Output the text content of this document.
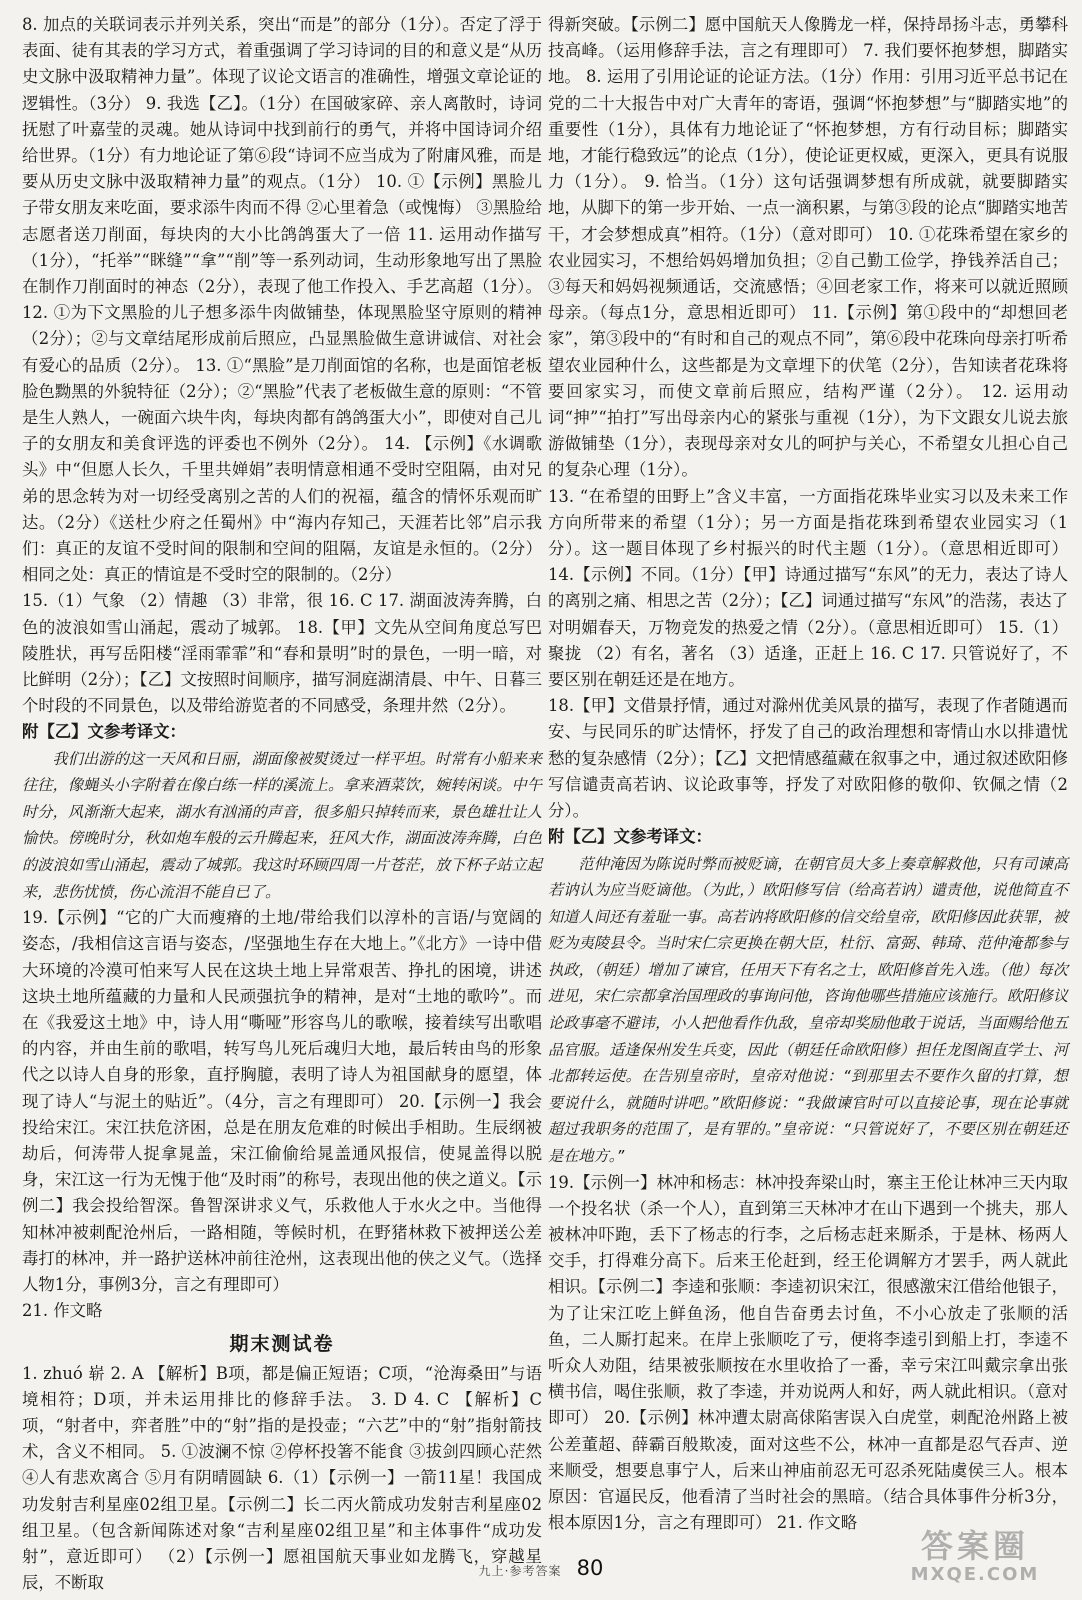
8. 加点的关联词表示并列关系，突出“而是”的部分（1分）。否定了浮于表面、徒有其表的学习方式，着重强调了学习诗词的目的和意义是“从历史文脉中汲取精神力量”。体现了议论文语言的准确性，增强文章论证的逻辑性。（3分） 9. 我选【乙】。（1分）在国破家碎、亲人离散时，诗词抚慰了叶嘉莹的灵魂。她从诗词中找到前行的勇气，并将中国诗词介绍给世界。（1分）有力地论证了第⑥段“诗词不应当成为了附庸风雅，而是要从历史文脉中汲取精神力量”的观点。（1分） 10. ①【示例】黑脸儿子带女朋友来吃面，要求添牛肉而不得 ②心里着急（或愧悔） ③黑脸给志愿者送刀削面，每块肉的大小比鸽鸽蛋大了一倍 11. 运用动作描写（1分），“托举”“眯缝”“拿”“削”等一系列动词，生动形象地写出了黑脸在制作刀削面时的神态（2分），表现了他工作投入、手艺高超（1分）。 12. ①为下文黑脸的儿子想多添牛肉做铺垫，体现黑脸坚守原则的精神（2分）；②与文章结尾形成前后照应，凸显黑脸做生意讲诚信、对社会有爱心的品质（2分）。 13. ①“黑脸”是刀削面馆的名称，也是面馆老板脸色黝黑的外貌特征（2分）；②“黑脸”代表了老板做生意的原则：“不管是生人熟人，一碗面六块牛肉，每块肉都有鸽鸽蛋大小”，即使对自己儿子的女朋友和美食评选的评委也不例外（2分）。 14. 【示例】《水调歌头》中“但愿人长久，千里共婵娟”表明情意相通不受时空阻隔，由对兄弟的思念转为对一切经受离别之苦的人们的祝福，蕴含的情怀乐观而旷达。（2分）《送杜少府之任蜀州》中“海内存知己，天涯若比邻”启示我们：真正的友谊不受时间的限制和空间的阻隔，友谊是永恒的。（2分）相同之处：真正的情谊是不受时空的限制的。（2分）

15.（1）气象 （2）情趣 （3）非常，很 16. C 17. 湖面波涛奔腾，白色的波浪如雪山涌起，震动了城郭。 18.【甲】文先从空间角度总写巴陵胜状，再写岳阳楼“淫雨霏霏”和“春和景明”时的景色，一明一暗，对比鲜明（2分）；【乙】文按照时间顺序，描写洞庭湖清晨、中午、日暮三个时段的不同景色，以及带给游览者的不同感受，条理井然（2分）。

附【乙】文参考译文：

我们出游的这一天风和日丽，湖面像被熨烫过一样平坦。时常有小船来来往往，像蝇头小字附着在像白练一样的溪流上。拿来酒菜饮，婉转闲谈。中午时分，风渐渐大起来，湖水有汹涌的声音，很多船只掉转而来，景色雄壮让人愉快。傍晚时分，秋如炮车般的云升腾起来，狂风大作，湖面波涛奔腾，白色的波浪如雪山涌起，震动了城郭。我这时环顾四周一片苍茫，放下杯子站立起来，悲伤忧愤，伤心流泪不能自已了。

19.【示例】“它的广大而瘦瘠的土地/带给我们以淳朴的言语/与宽阔的姿态，/我相信这言语与姿态，/坚强地生存在大地上。”《北方》一诗中借大环境的冷漠可怕来写人民在这块土地上异常艰苦、挣扎的困境，讲述这块土地所蕴藏的力量和人民顽强抗争的精神，是对“土地的歌吟”。而在《我爱这土地》中，诗人用“嘶哑”形容鸟儿的歌喉，接着续写出歌唱的内容，并由生前的歌唱，转写鸟儿死后魂归大地，最后转由鸟的形象代之以诗人自身的形象，直抒胸臆，表明了诗人为祖国献身的愿望，体现了诗人“与泥土的贴近”。（4分，言之有理即可） 20.【示例一】我会投给宋江。宋江扶危济困，总是在朋友危难的时候出手相助。生辰纲被劫后，何涛带人捉拿晁盖，宋江偷偷给晁盖通风报信，使晁盖得以脱身，宋江这一行为无愧于他“及时雨”的称号，表现出他的侠之道义。【示例二】我会投给智深。鲁智深讲求义气，乐救他人于水火之中。当他得知林冲被刺配沧州后，一路相随，等候时机，在野猪林救下被押送公差毒打的林冲，并一路护送林冲前往沧州，这表现出他的侠之义气。（选择人物1分，事例3分，言之有理即可）

21. 作文略

期末测试卷

1. zhuó 崭 2. A 【解析】B项，都是偏正短语；C项，“沧海桑田”与语境相符；D项，并未运用排比的修辞手法。 3. D 4. C 【解析】C项，“射者中，弈者胜”中的“射”指的是投壶；“六艺”中的“射”指射箭技术，含义不相同。 5. ①波澜不惊 ②停杯投箸不能食 ③拔剑四顾心茫然 ④人有悲欢离合 ⑤月有阴晴圆缺 6.（1）【示例一】一箭11星！我国成功发射吉利星座02组卫星。【示例二】长二丙火箭成功发射吉利星座02组卫星。（包含新闻陈述对象“吉利星座02组卫星”和主体事件“成功发射”，意近即可） （2）【示例一】愿祖国航天事业如龙腾飞，穿越星辰，不断取

得新突破。【示例二】愿中国航天人像腾龙一样，保持昂扬斗志，勇攀科技高峰。（运用修辞手法，言之有理即可） 7. 我们要怀抱梦想，脚踏实地。 8. 运用了引用论证的论证方法。（1分）作用：引用习近平总书记在党的二十大报告中对广大青年的寄语，强调“怀抱梦想”与“脚踏实地”的重要性（1分），具体有力地论证了“怀抱梦想，方有行动目标；脚踏实地，才能行稳致远”的论点（1分），使论证更权威，更深入，更具有说服力（1分）。 9. 恰当。（1分）这句话强调梦想有所成就，就要脚踏实地，从脚下的第一步开始、一点一滴积累，与第③段的论点“脚踏实地苦干，才会梦想成真”相符。（1分）（意对即可） 10. ①花珠希望在家乡的农业园实习，不想给妈妈增加负担；②自己勤工俭学，挣钱养活自己；③每天和妈妈视频通话，交流感悟；④回老家工作，将来可以就近照顾母亲。（每点1分，意思相近即可） 11.【示例】第①段中的“却想回老家”，第③段中的“有时和自己的观点不同”，第⑥段中花珠向母亲打听希望农业园种什么，这些都是为文章埋下的伏笔（2分），告知读者花珠将要回家实习，而使文章前后照应，结构严谨（2分）。 12. 运用动词“抻”“拍打”写出母亲内心的紧张与重视（1分），为下文跟女儿说去旅游做铺垫（1分），表现母亲对女儿的呵护与关心，不希望女儿担心自己的复杂心理（1分）。

13. “在希望的田野上”含义丰富，一方面指花珠毕业实习以及未来工作方向所带来的希望（1分）；另一方面是指花珠到希望农业园实习（1分）。这一题目体现了乡村振兴的时代主题（1分）。（意思相近即可） 14.【示例】不同。（1分）【甲】诗通过描写“东风”的无力，表达了诗人的离别之痛、相思之苦（2分）；【乙】词通过描写“东风”的浩荡，表达了对明媚春天，万物竞发的热爱之情（2分）。（意思相近即可） 15.（1）聚拢 （2）有名，著名 （3）适逢，正赶上 16. C 17. 只管说好了，不要区别在朝廷还是在地方。

18.【甲】文借景抒情，通过对滁州优美风景的描写，表现了作者随遇而安、与民同乐的旷达情怀，抒发了自己的政治理想和寄情山水以排遣忧愁的复杂感情（2分）；【乙】文把情感蕴藏在叙事之中，通过叙述欧阳修写信谴责高若讷、议论政事等，抒发了对欧阳修的敬仰、钦佩之情（2分）。

附【乙】文参考译文：

范仲淹因为陈说时弊而被贬谪，在朝官员大多上奏章解救他，只有司谏高若讷认为应当贬谪他。（为此，）欧阳修写信（给高若讷）谴责他，说他简直不知道人间还有羞耻一事。高若讷将欧阳修的信交给皇帝，欧阳修因此获罪，被贬为夷陵县令。当时宋仁宗更换在朝大臣，杜衍、富弼、韩琦、范仲淹都参与执政，（朝廷）增加了谏官，任用天下有名之士，欧阳修首先入选。（他）每次进见，宋仁宗都拿治国理政的事询问他，咨询他哪些措施应该施行。欧阳修议论政事毫不避讳，小人把他看作仇敌，皇帝却奖励他敢于说话，当面赐给他五品官服。适逢保州发生兵变，因此（朝廷任命欧阳修）担任龙图阁直学士、河北都转运使。在告别皇帝时，皇帝对他说：“到那里去不要作久留的打算，想要说什么，就随时讲吧。”欧阳修说：“我做谏官时可以直接论事，现在论事就超过我职务的范围了，是有罪的。”皇帝说：“只管说好了，不要区别在朝廷还是在地方。”

19.【示例一】林冲和杨志：林冲投奔梁山时，寨主王伦让林冲三天内取一个投名状（杀一个人），直到第三天林冲才在山下遇到一个挑夫，那人被林冲吓跑，丢下了杨志的行李，之后杨志赶来厮杀，于是林、杨两人交手，打得难分高下。后来王伦赶到，经王伦调解方才罢手，两人就此相识。【示例二】李逵和张顺：李逵初识宋江，很感激宋江借给他银子，为了让宋江吃上鲜鱼汤，他自告奋勇去讨鱼，不小心放走了张顺的活鱼，二人厮打起来。在岸上张顺吃了亏，便将李逵引到船上打，李逵不听众人劝阻，结果被张顺按在水里收拾了一番，幸亏宋江叫戴宗拿出张横书信，喝住张顺，救了李逵，并劝说两人和好，两人就此相识。（意对即可） 20.【示例】林冲遭太尉高俅陷害误入白虎堂，刺配沧州路上被公差董超、薛霸百般欺凌，面对这些不公，林冲一直都是忍气吞声、逆来顺受，想要息事宁人，后来山神庙前忍无可忍杀死陆虞侯三人。根本原因：官逼民反，他看清了当时社会的黑暗。（结合具体事件分析3分，根本原因1分，言之有理即可） 21. 作文略

九上·参考答案 80
答案圈
MXQE.COM
